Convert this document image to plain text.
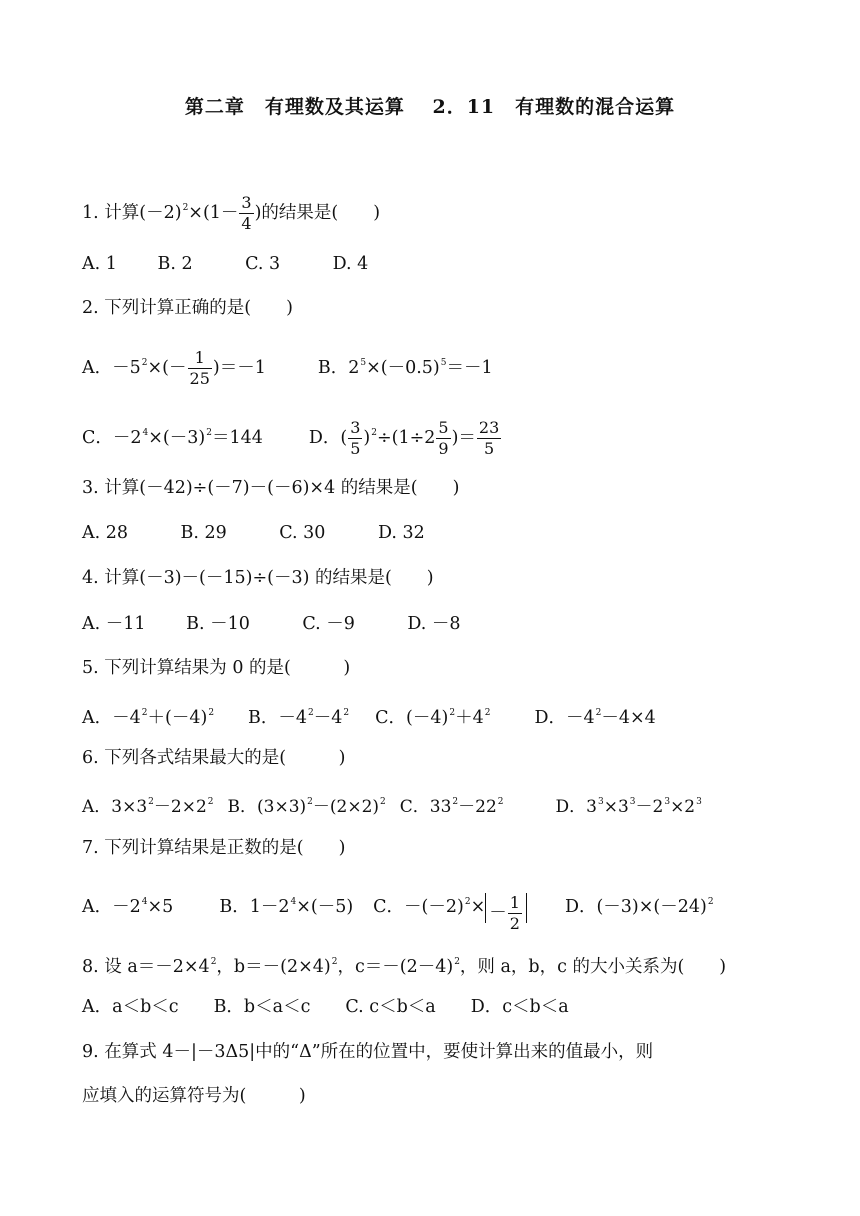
第二章　有理数及其运算　 2．11　有理数的混合运算
1. 计算$(-2)^2\times(1- \frac{3}{4}$ )的结果是(　　)
A. 1　　 B. 2　　　C. 3　　　D. 4
2. 下列计算正确的是(　　)
A．$-5^2\times(- \frac{1}{25} )=-1$	B．$2^5\times(-0.5)^5=-1$
C．$-2^4\times(-3)^2=144$	D．( $\frac{3}{5} )^2\div(1\div 2 \frac{5}{9}$ )＝ $\frac{23}{5}$
3. 计算(－42)÷(－7)－(－6)×4 的结果是(　　)
A. 28　　　B. 29　　　C. 30　　　D. 32
4. 计算(－3)－(－15)÷(－3) 的结果是(　　)
A. －11　　 B. －10　　　C. －9　　　D. －8
5. 下列计算结果为 0 的是(　　　)
A．$-4^2+(-4)^2$ B．$-4^2-4^2$ C．$(-4)^2+4^2$	D．$-4^2-4\times 4$
6. 下列各式结果最大的是(　　　)
A．$3\times 3^2-2\times 2^2$ B．$(3\times 3)^2-(2\times 2)^2$ C．$33^2-22^2$	D．$3^3\times 3^3-2^3\times 2^3$
7. 下列计算结果是正数的是(　　)
A．$-2^4\times 5$	B．$1-2^4\times(-5)$ C．$-(-2)^2\times - \frac{1}{2}$ D．$(-3)\times(-24)^2$
8. 设 $a=-2\times 4^2$，$b=-(2\times 4)^2$，$c=-(2-4)^2$，则 a，b，c 的大小关系为(　　)
A．a＜b＜c　　B．b＜a＜c　　C. c＜b＜a　　D．c＜b＜a
9. 在算式 4－|－3Δ5|中的“Δ”所在的位置中，要使计算出来的值最小，则
应填入的运算符号为(　　　)
